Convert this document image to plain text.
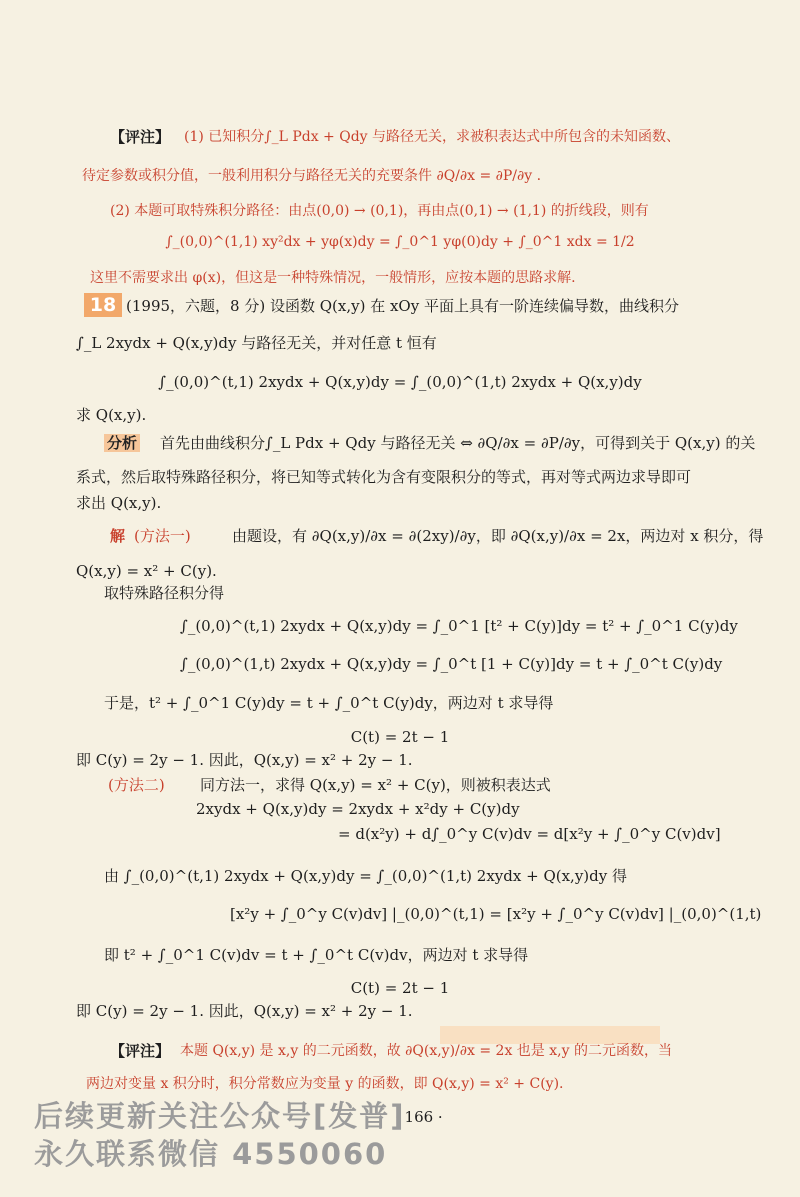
【评注】 (1) 已知积分∫_L Pdx + Qdy 与路径无关，求被积表达式中所包含的未知函数、
待定参数或积分值，一般利用积分与路径无关的充要条件 ∂Q/∂x = ∂P/∂y .
(2) 本题可取特殊积分路径：由点(0,0) → (0,1)，再由点(0,1) → (1,1) 的折线段，则有
∫_(0,0)^(1,1) xy²dx + yφ(x)dy = ∫_0^1 yφ(0)dy + ∫_0^1 xdx = 1/2
这里不需要求出 φ(x)，但这是一种特殊情况，一般情形，应按本题的思路求解.
18 (1995，六题，8 分) 设函数 Q(x,y) 在 xOy 平面上具有一阶连续偏导数，曲线积分
∫_L 2xydx + Q(x,y)dy 与路径无关，并对任意 t 恒有
∫_(0,0)^(t,1) 2xydx + Q(x,y)dy = ∫_(0,0)^(1,t) 2xydx + Q(x,y)dy
求 Q(x,y).
分析 首先由曲线积分∫_L Pdx + Qdy 与路径无关 ⇔ ∂Q/∂x = ∂P/∂y，可得到关于 Q(x,y) 的关
系式，然后取特殊路径积分，将已知等式转化为含有变限积分的等式，再对等式两边求导即可
求出 Q(x,y).
解 (方法一)	由题设，有 ∂Q(x,y)/∂x = ∂(2xy)/∂y，即 ∂Q(x,y)/∂x = 2x，两边对 x 积分，得
Q(x,y) = x² + C(y).
取特殊路径积分得
∫_(0,0)^(t,1) 2xydx + Q(x,y)dy = ∫_0^1 [t² + C(y)]dy = t² + ∫_0^1 C(y)dy
∫_(0,0)^(1,t) 2xydx + Q(x,y)dy = ∫_0^t [1 + C(y)]dy = t + ∫_0^t C(y)dy
于是，t² + ∫_0^1 C(y)dy = t + ∫_0^t C(y)dy，两边对 t 求导得
C(t) = 2t − 1
即 C(y) = 2y − 1. 因此，Q(x,y) = x² + 2y − 1.
(方法二) 同方法一，求得 Q(x,y) = x² + C(y)，则被积表达式
2xydx + Q(x,y)dy = 2xydx + x²dy + C(y)dy
= d(x²y) + d∫_0^y C(v)dv = d[x²y + ∫_0^y C(v)dv]
由 ∫_(0,0)^(t,1) 2xydx + Q(x,y)dy = ∫_(0,0)^(1,t) 2xydx + Q(x,y)dy 得
[x²y + ∫_0^y C(v)dv] |_(0,0)^(t,1) = [x²y + ∫_0^y C(v)dv] |_(0,0)^(1,t)
即 t² + ∫_0^1 C(v)dv = t + ∫_0^t C(v)dv，两边对 t 求导得
C(t) = 2t − 1
即 C(y) = 2y − 1. 因此，Q(x,y) = x² + 2y − 1.
【评注】 本题 Q(x,y) 是 x,y 的二元函数，故 ∂Q(x,y)/∂x = 2x 也是 x,y 的二元函数，当
两边对变量 x 积分时，积分常数应为变量 y 的函数，即 Q(x,y) = x² + C(y).
· 166 ·
后续更新关注公众号[发普]
永久联系微信 4550060
